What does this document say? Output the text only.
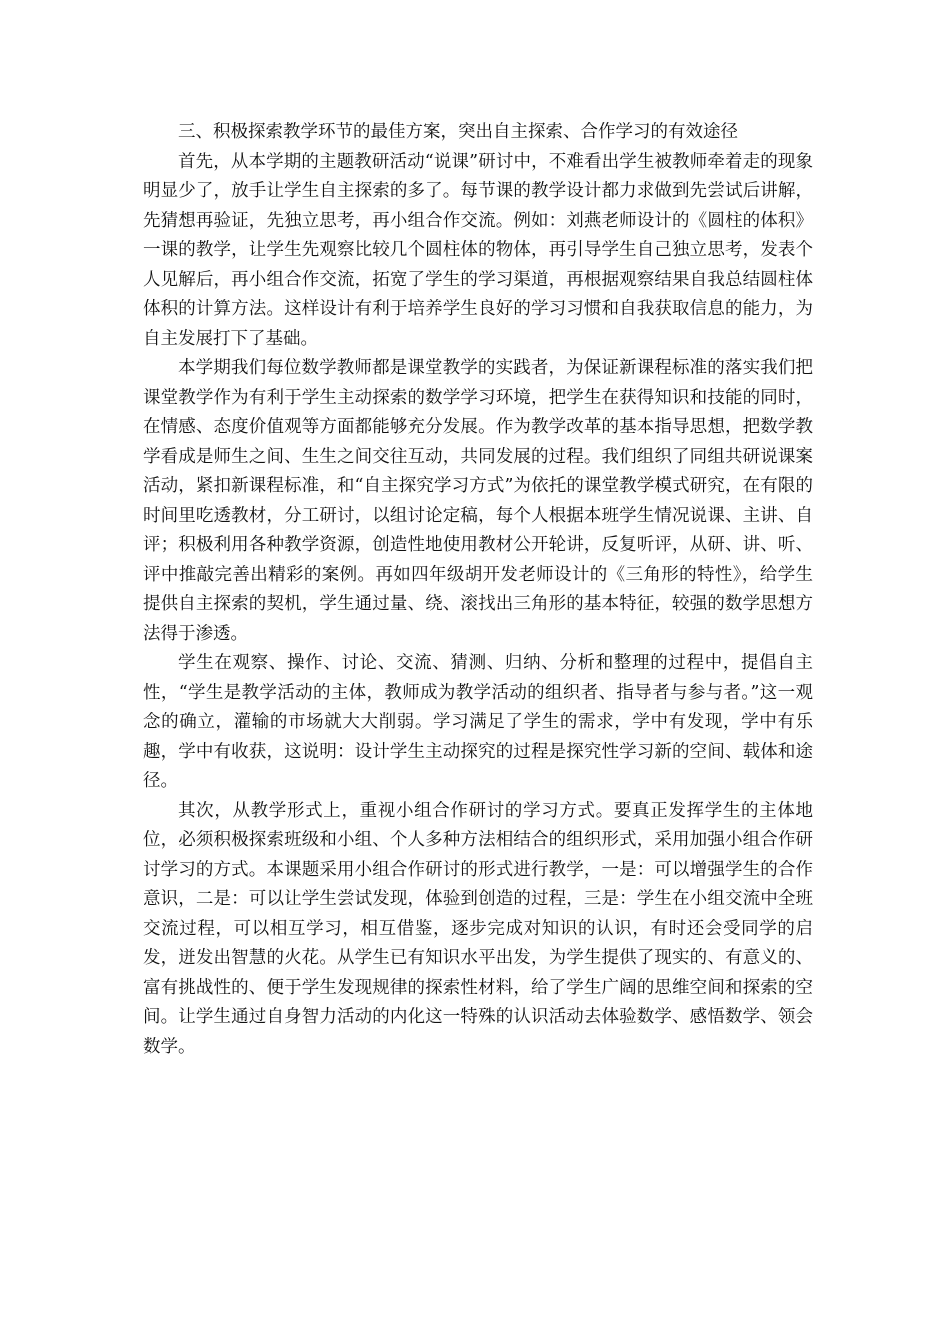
三、积极探索教学环节的最佳方案，突出自主探索、合作学习的有效途径

首先，从本学期的主题教研活动“说课”研讨中，不难看出学生被教师牵着走的现象明显少了，放手让学生自主探索的多了。每节课的教学设计都力求做到先尝试后讲解，先猜想再验证，先独立思考，再小组合作交流。例如：刘燕老师设计的《圆柱的体积》一课的教学，让学生先观察比较几个圆柱体的物体，再引导学生自己独立思考，发表个人见解后，再小组合作交流，拓宽了学生的学习渠道，再根据观察结果自我总结圆柱体体积的计算方法。这样设计有利于培养学生良好的学习习惯和自我获取信息的能力，为自主发展打下了基础。

本学期我们每位数学教师都是课堂教学的实践者，为保证新课程标准的落实我们把课堂教学作为有利于学生主动探索的数学学习环境，把学生在获得知识和技能的同时，在情感、态度价值观等方面都能够充分发展。作为教学改革的基本指导思想，把数学教学看成是师生之间、生生之间交往互动，共同发展的过程。我们组织了同组共研说课案活动，紧扣新课程标准，和“自主探究学习方式”为依托的课堂教学模式研究，在有限的时间里吃透教材，分工研讨，以组讨论定稿，每个人根据本班学生情况说课、主讲、自评；积极利用各种教学资源，创造性地使用教材公开轮讲，反复听评，从研、讲、听、评中推敲完善出精彩的案例。再如四年级胡开发老师设计的《三角形的特性》，给学生提供自主探索的契机，学生通过量、绕、滚找出三角形的基本特征，较强的数学思想方法得于渗透。

学生在观察、操作、讨论、交流、猜测、归纳、分析和整理的过程中，提倡自主性，“学生是教学活动的主体，教师成为教学活动的组织者、指导者与参与者。”这一观念的确立，灌输的市场就大大削弱。学习满足了学生的需求，学中有发现，学中有乐趣，学中有收获，这说明：设计学生主动探究的过程是探究性学习新的空间、载体和途径。

其次，从教学形式上，重视小组合作研讨的学习方式。要真正发挥学生的主体地位，必须积极探索班级和小组、个人多种方法相结合的组织形式，采用加强小组合作研讨学习的方式。本课题采用小组合作研讨的形式进行教学，一是：可以增强学生的合作意识，二是：可以让学生尝试发现，体验到创造的过程，三是：学生在小组交流中全班交流过程，可以相互学习，相互借鉴，逐步完成对知识的认识，有时还会受同学的启发，迸发出智慧的火花。从学生已有知识水平出发，为学生提供了现实的、有意义的、富有挑战性的、便于学生发现规律的探索性材料，给了学生广阔的思维空间和探索的空间。让学生通过自身智力活动的内化这一特殊的认识活动去体验数学、感悟数学、领会数学。
